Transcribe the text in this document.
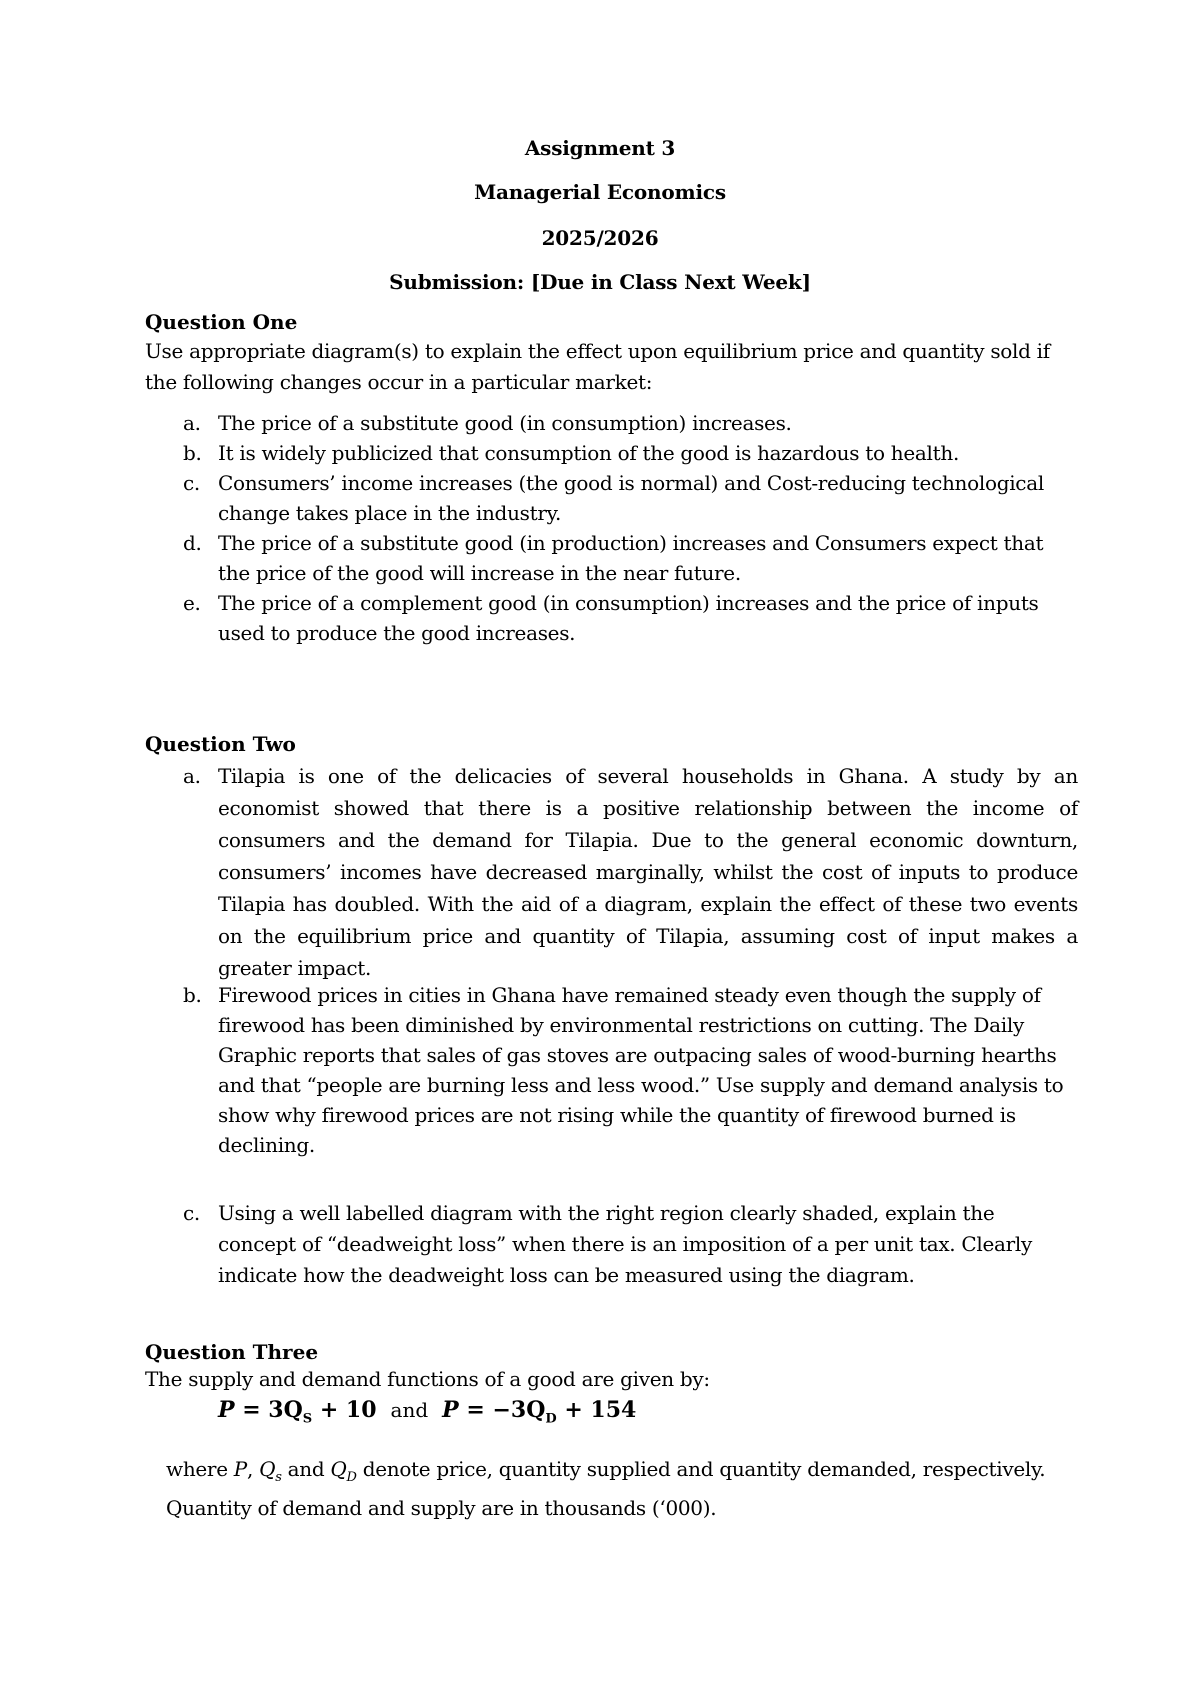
Assignment 3
Managerial Economics
2025/2026
Submission: [Due in Class Next Week]
Question One
Use appropriate diagram(s) to explain the effect upon equilibrium price and quantity sold if the following changes occur in a particular market:
a. The price of a substitute good (in consumption) increases.
b. It is widely publicized that consumption of the good is hazardous to health.
c. Consumers’ income increases (the good is normal) and Cost-reducing technological change takes place in the industry.
d. The price of a substitute good (in production) increases and Consumers expect that the price of the good will increase in the near future.
e. The price of a complement good (in consumption) increases and the price of inputs used to produce the good increases.
Question Two
a. Tilapia is one of the delicacies of several households in Ghana. A study by an economist showed that there is a positive relationship between the income of consumers and the demand for Tilapia. Due to the general economic downturn, consumers’ incomes have decreased marginally, whilst the cost of inputs to produce Tilapia has doubled. With the aid of a diagram, explain the effect of these two events on the equilibrium price and quantity of Tilapia, assuming cost of input makes a greater impact.
b. Firewood prices in cities in Ghana have remained steady even though the supply of firewood has been diminished by environmental restrictions on cutting. The Daily Graphic reports that sales of gas stoves are outpacing sales of wood-burning hearths and that “people are burning less and less wood.” Use supply and demand analysis to show why firewood prices are not rising while the quantity of firewood burned is declining.
c. Using a well labelled diagram with the right region clearly shaded, explain the concept of “deadweight loss” when there is an imposition of a per unit tax. Clearly indicate how the deadweight loss can be measured using the diagram.
Question Three
The supply and demand functions of a good are given by:
$P = 3Q_S + 10$ and $P = -3Q_D + 154$
where P, $Q_s$ and $Q_D$ denote price, quantity supplied and quantity demanded, respectively.
Quantity of demand and supply are in thousands (‘000).
